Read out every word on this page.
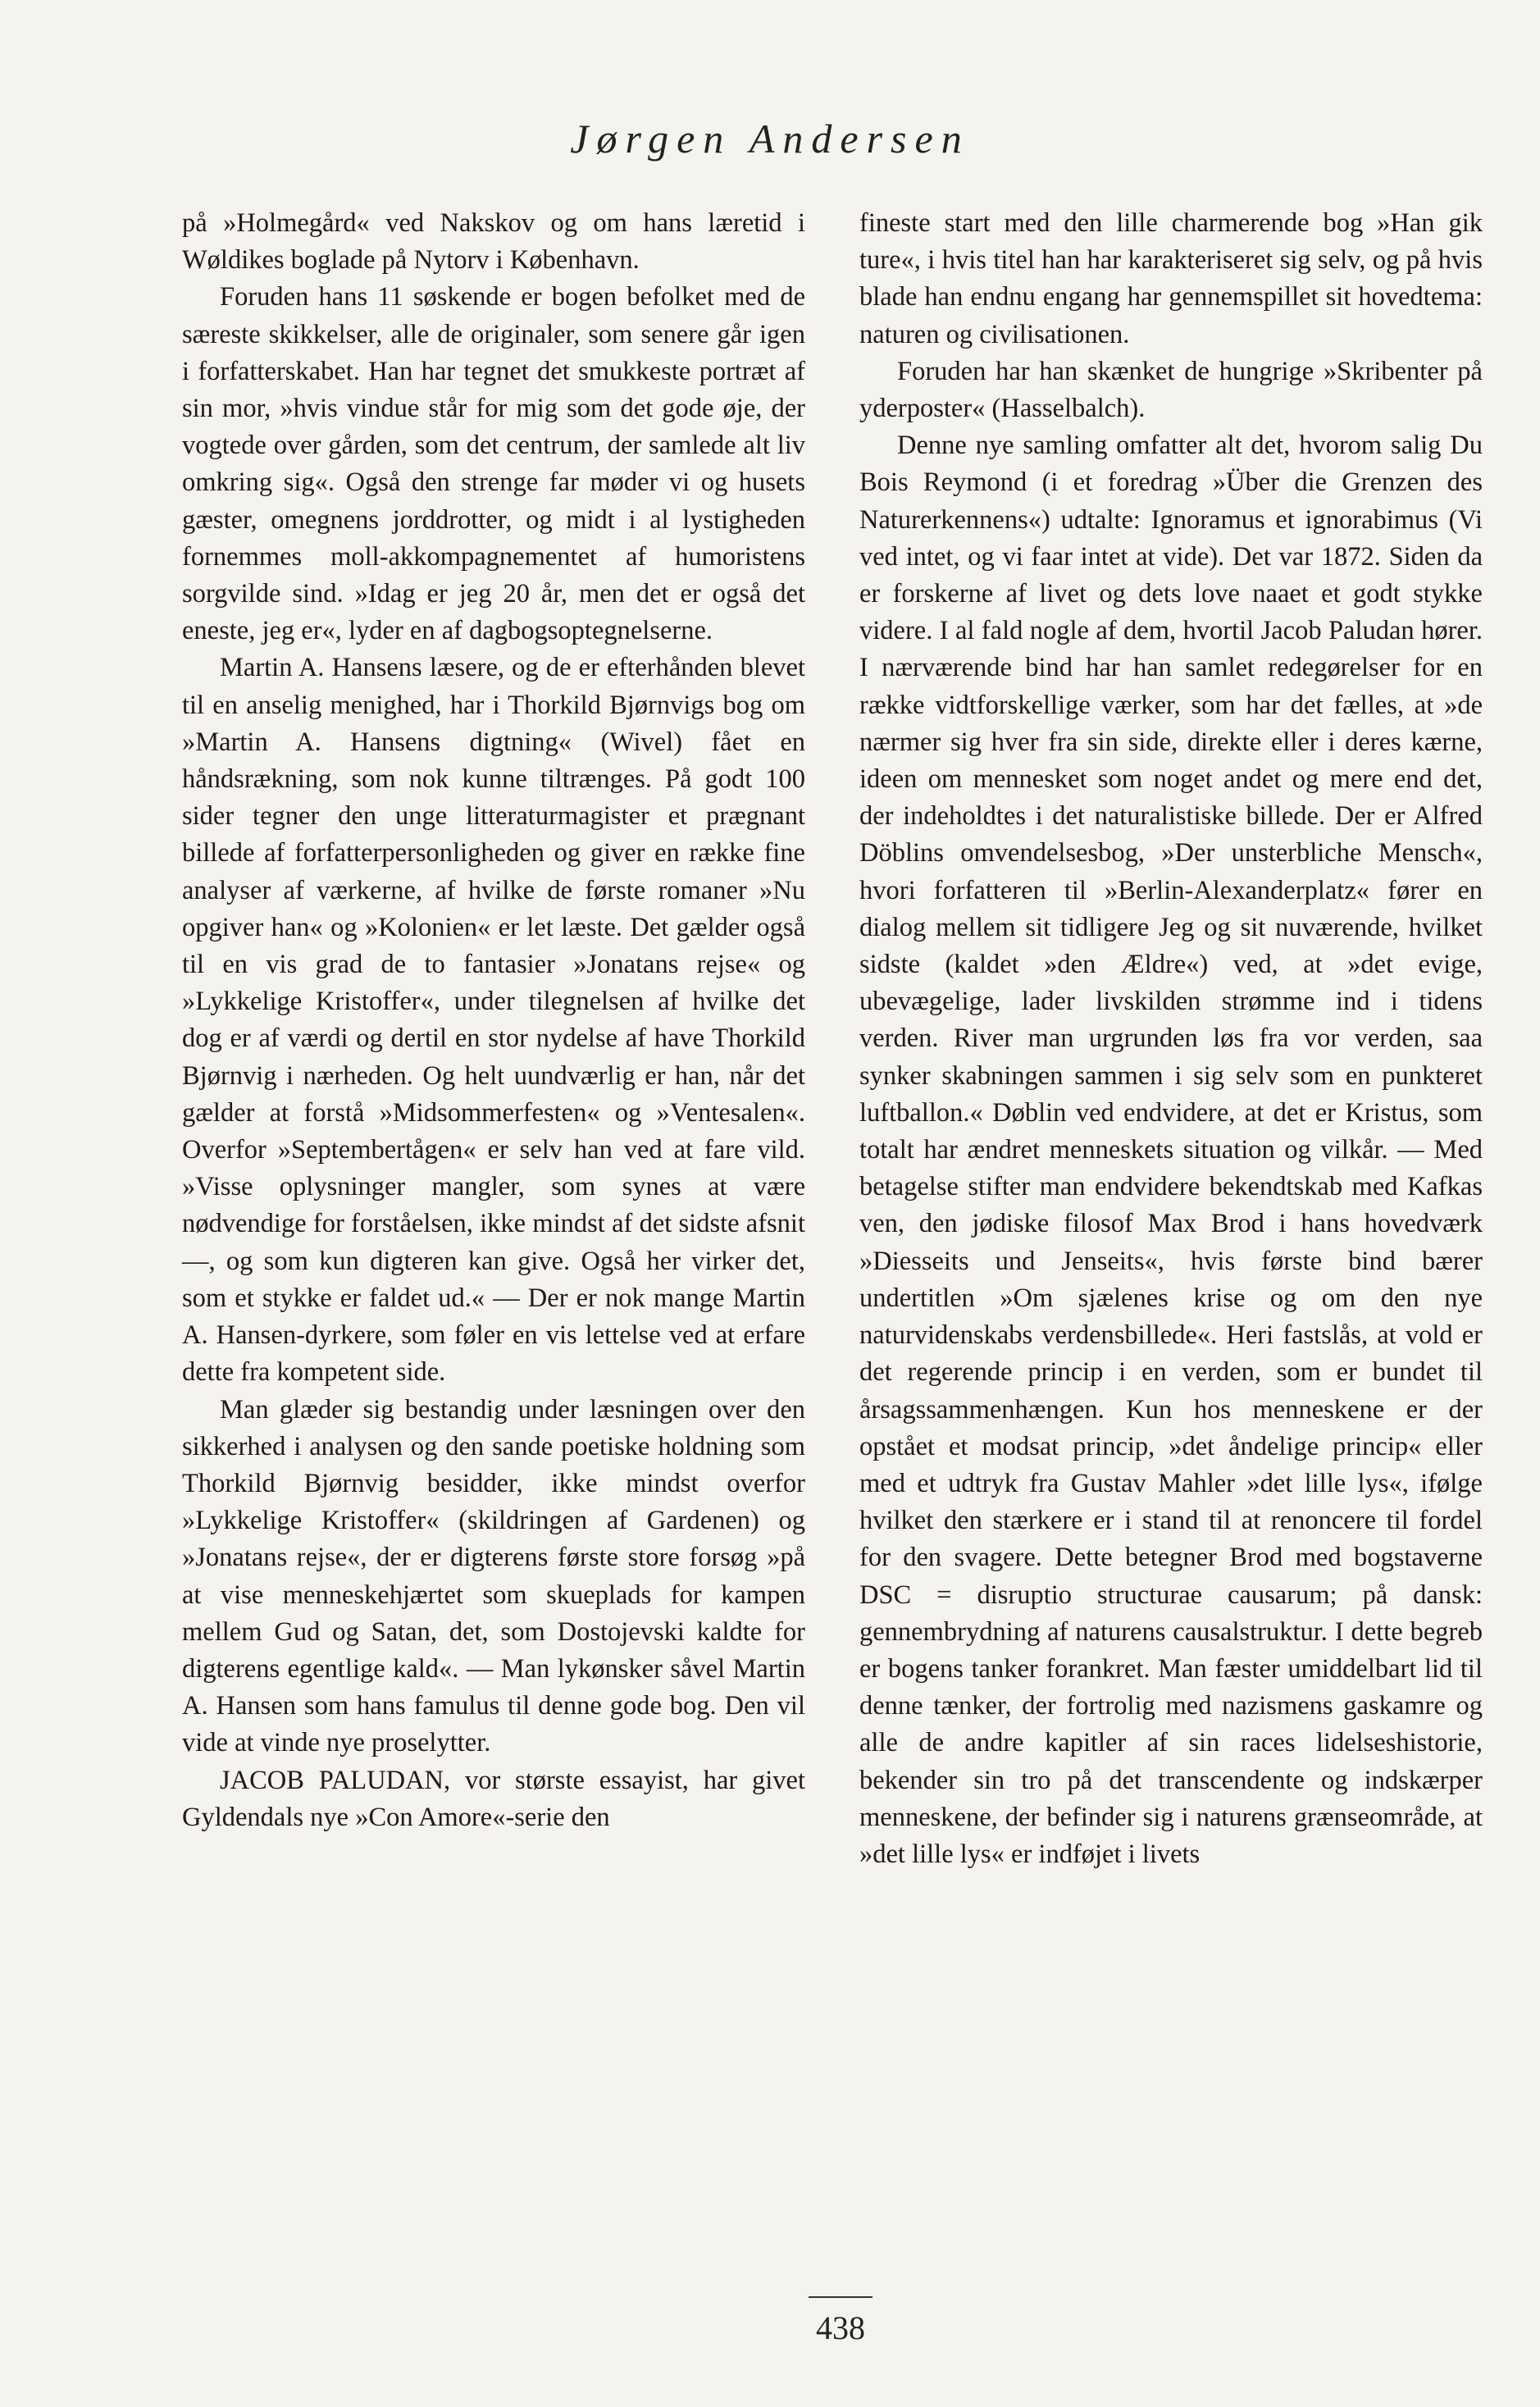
Jørgen Andersen

på »Holmegård« ved Nakskov og om hans læretid i Wøldikes boglade på Nytorv i København.

Foruden hans 11 søskende er bogen befolket med de særeste skikkelser, alle de originaler, som senere går igen i forfatterskabet. Han har tegnet det smukkeste portræt af sin mor, »hvis vindue står for mig som det gode øje, der vogtede over gården, som det centrum, der samlede alt liv omkring sig«. Også den strenge far møder vi og husets gæster, omegnens jorddrotter, og midt i al lystigheden fornemmes moll-akkompagnementet af humoristens sorgvilde sind. »Idag er jeg 20 år, men det er også det eneste, jeg er«, lyder en af dagbogsoptegnelserne.

Martin A. Hansens læsere, og de er efterhånden blevet til en anselig menighed, har i Thorkild Bjørnvigs bog om »Martin A. Hansens digtning« (Wivel) fået en håndsrækning, som nok kunne tiltrænges. På godt 100 sider tegner den unge litteraturmagister et prægnant billede af forfatterpersonligheden og giver en række fine analyser af værkerne, af hvilke de første romaner »Nu opgiver han« og »Kolonien« er let læste. Det gælder også til en vis grad de to fantasier »Jonatans rejse« og »Lykkelige Kristoffer«, under tilegnelsen af hvilke det dog er af værdi og dertil en stor nydelse af have Thorkild Bjørnvig i nærheden. Og helt uundværlig er han, når det gælder at forstå »Midsommerfesten« og »Ventesalen«. Overfor »Septembertågen« er selv han ved at fare vild. »Visse oplysninger mangler, som synes at være nødvendige for forståelsen, ikke mindst af det sidste afsnit —, og som kun digteren kan give. Også her virker det, som et stykke er faldet ud.« — Der er nok mange Martin A. Hansen-dyrkere, som føler en vis lettelse ved at erfare dette fra kompetent side.

Man glæder sig bestandig under læsningen over den sikkerhed i analysen og den sande poetiske holdning som Thorkild Bjørnvig besidder, ikke mindst overfor »Lykkelige Kristoffer« (skildringen af Gardenen) og »Jonatans rejse«, der er digterens første store forsøg »på at vise menneskehjærtet som skueplads for kampen mellem Gud og Satan, det, som Dostojevski kaldte for digterens egentlige kald«. — Man lykønsker såvel Martin A. Hansen som hans famulus til denne gode bog. Den vil vide at vinde nye proselytter.

JACOB PALUDAN, vor største essayist, har givet Gyldendals nye »Con Amore«-serie den

fineste start med den lille charmerende bog »Han gik ture«, i hvis titel han har karakteriseret sig selv, og på hvis blade han endnu engang har gennemspillet sit hovedtema: naturen og civilisationen.

Foruden har han skænket de hungrige »Skribenter på yderposter« (Hasselbalch).

Denne nye samling omfatter alt det, hvorom salig Du Bois Reymond (i et foredrag »Über die Grenzen des Naturerkennens«) udtalte: Ignoramus et ignorabimus (Vi ved intet, og vi faar intet at vide). Det var 1872. Siden da er forskerne af livet og dets love naaet et godt stykke videre. I al fald nogle af dem, hvortil Jacob Paludan hører. I nærværende bind har han samlet redegørelser for en række vidtforskellige værker, som har det fælles, at »de nærmer sig hver fra sin side, direkte eller i deres kærne, ideen om mennesket som noget andet og mere end det, der indeholdtes i det naturalistiske billede. Der er Alfred Döblins omvendelsesbog, »Der unsterbliche Mensch«, hvori forfatteren til »Berlin-Alexanderplatz« fører en dialog mellem sit tidligere Jeg og sit nuværende, hvilket sidste (kaldet »den Ældre«) ved, at »det evige, ubevægelige, lader livskilden strømme ind i tidens verden. River man urgrunden løs fra vor verden, saa synker skabningen sammen i sig selv som en punkteret luftballon.« Døblin ved endvidere, at det er Kristus, som totalt har ændret menneskets situation og vilkår. — Med betagelse stifter man endvidere bekendtskab med Kafkas ven, den jødiske filosof Max Brod i hans hovedværk »Diesseits und Jenseits«, hvis første bind bærer undertitlen »Om sjælenes krise og om den nye naturvidenskabs verdensbillede«. Heri fastslås, at vold er det regerende princip i en verden, som er bundet til årsagssammenhængen. Kun hos menneskene er der opstået et modsat princip, »det åndelige princip« eller med et udtryk fra Gustav Mahler »det lille lys«, ifølge hvilket den stærkere er i stand til at renoncere til fordel for den svagere. Dette betegner Brod med bogstaverne DSC = disruptio structurae causarum; på dansk: gennembrydning af naturens causalstruktur. I dette begreb er bogens tanker forankret. Man fæster umiddelbart lid til denne tænker, der fortrolig med nazismens gaskamre og alle de andre kapitler af sin races lidelseshistorie, bekender sin tro på det transcendente og indskærper menneskene, der befinder sig i naturens grænseområde, at »det lille lys« er indføjet i livets

438
